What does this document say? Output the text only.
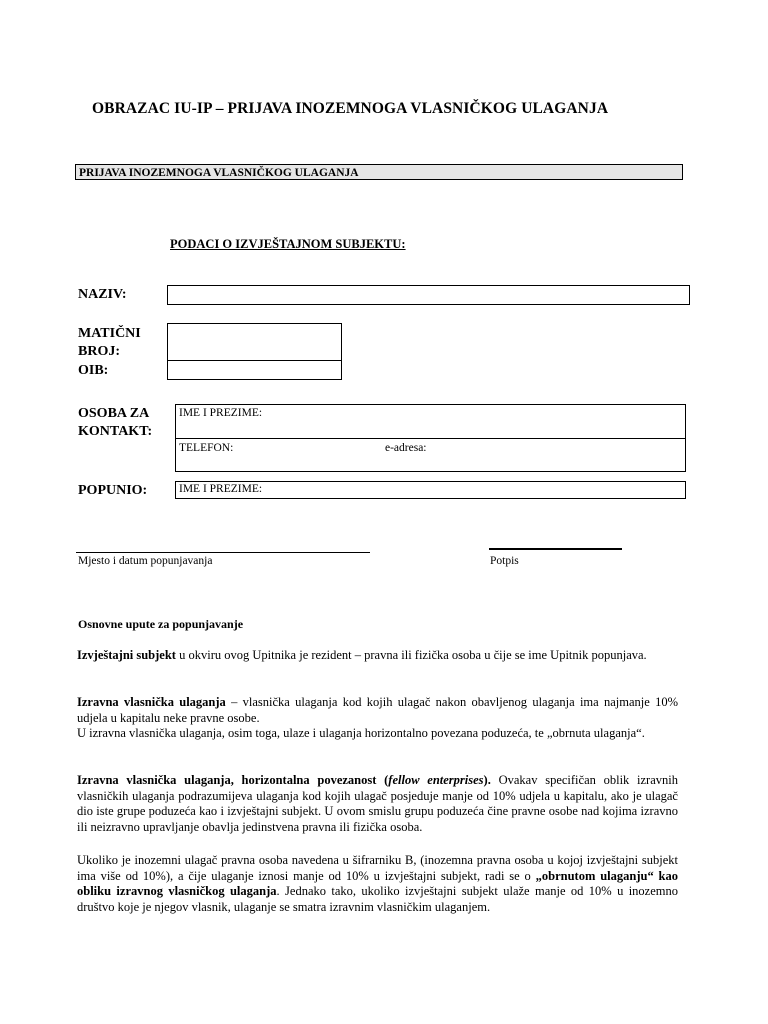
OBRAZAC IU-IP – PRIJAVA INOZEMNOGA VLASNIČKOG ULAGANJA
PRIJAVA INOZEMNOGA VLASNIČKOG ULAGANJA
PODACI O IZVJEŠTAJNOM SUBJEKTU:
NAZIV:
MATIČNI
BROJ:
OIB:
OSOBA ZA
KONTAKT:
IME I PREZIME:
TELEFON:	e-adresa:
POPUNIO:	IME I PREZIME:
Mjesto i datum popunjavanja	Potpis
Osnovne upute za popunjavanje
Izvještajni subjekt u okviru ovog Upitnika je rezident – pravna ili fizička osoba u čije se ime Upitnik popunjava.
Izravna vlasnička ulaganja – vlasnička ulaganja kod kojih ulagač nakon obavljenog ulaganja ima najmanje 10% udjela u kapitalu neke pravne osobe.
U izravna vlasnička ulaganja, osim toga, ulaze i ulaganja horizontalno povezana poduzeća, te „obrnuta ulaganja“.
Izravna vlasnička ulaganja, horizontalna povezanost (fellow enterprises). Ovakav specifičan oblik izravnih vlasničkih ulaganja podrazumijeva ulaganja kod kojih ulagač posjeduje manje od 10% udjela u kapitalu, ako je ulagač dio iste grupe poduzeća kao i izvještajni subjekt. U ovom smislu grupu poduzeća čine pravne osobe nad kojima izravno ili neizravno upravljanje obavlja jedinstvena pravna ili fizička osoba.
Ukoliko je inozemni ulagač pravna osoba navedena u šifrarniku B, (inozemna pravna osoba u kojoj izvještajni subjekt ima više od 10%), a čije ulaganje iznosi manje od 10% u izvještajni subjekt, radi se o „obrnutom ulaganju“ kao obliku izravnog vlasničkog ulaganja. Jednako tako, ukoliko izvještajni subjekt ulaže manje od 10% u inozemno društvo koje je njegov vlasnik, ulaganje se smatra izravnim vlasničkim ulaganjem.
